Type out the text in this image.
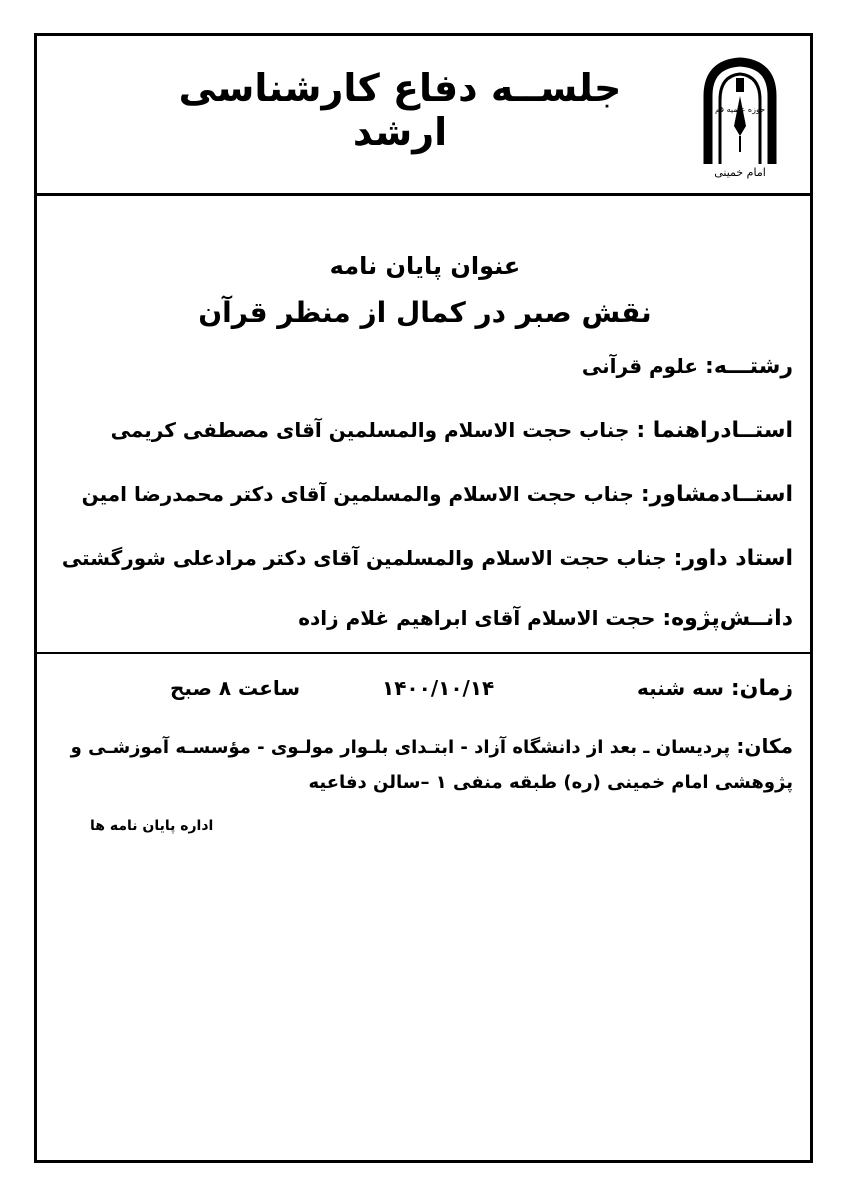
حوزه علمیه قم
امام خمینی
جلســه دفاع کارشناسی ارشد
عنوان پایان نامه
نقش صبر در کمال از منظر قرآن
رشتـــه: علوم قرآنی
استــادراهنما : جناب حجت الاسلام والمسلمین آقای مصطفی کریمی
استــادمشاور: جناب حجت الاسلام والمسلمین آقای دکتر محمدرضا امین
استاد داور: جناب حجت الاسلام والمسلمین آقای دکتر مرادعلی شورگشتی
دانــش‌پژوه: حجت الاسلام آقای ابراهیم غلام زاده
زمان: سه شنبه
۱۴۰۰/۱۰/۱۴
ساعت ۸ صبح
مکان: پردیسان ـ بعد از دانشگاه آزاد - ابتـدای بلـوار مولـوی - مؤسسـه آموزشـی و
پژوهشی امام خمینی (ره) طبقه منفی ۱ –سالن دفاعیه
اداره پایان نامه ها
